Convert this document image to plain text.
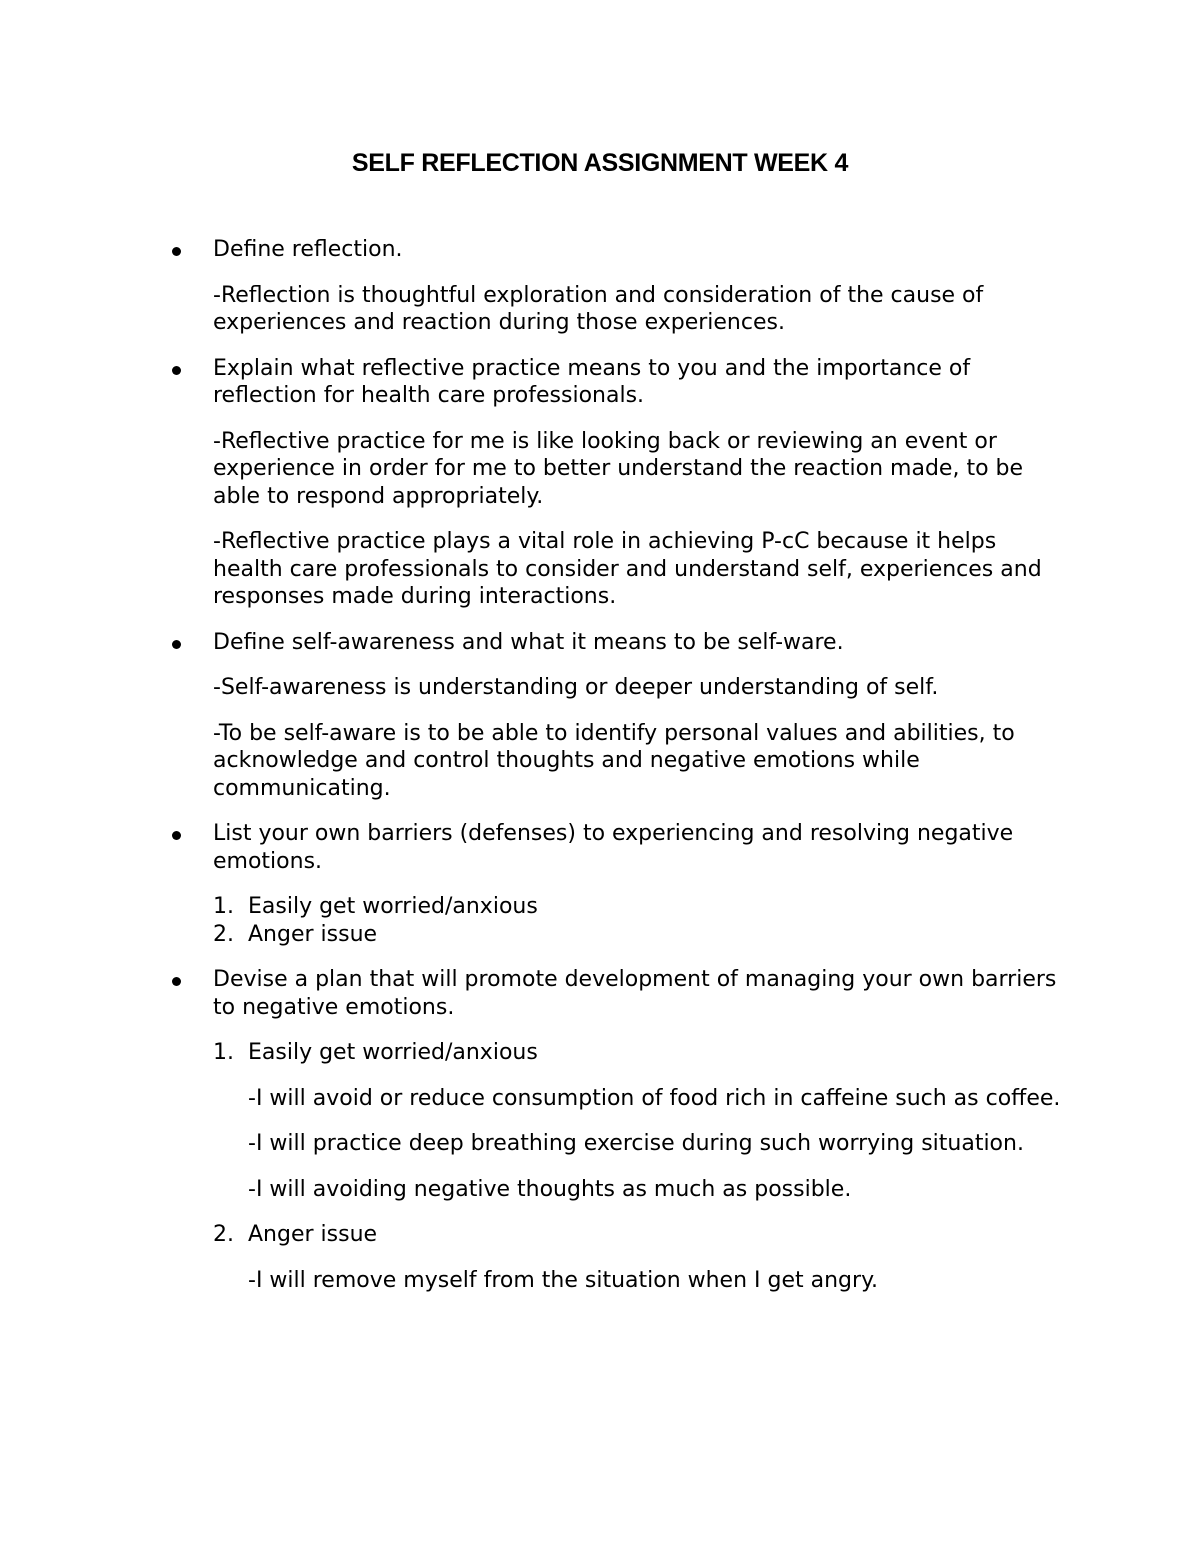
SELF REFLECTION ASSIGNMENT WEEK 4
Define reflection.
-Reflection is thoughtful exploration and consideration of the cause of experiences and reaction during those experiences.
Explain what reflective practice means to you and the importance of reflection for health care professionals.
-Reflective practice for me is like looking back or reviewing an event or experience in order for me to better understand the reaction made, to be able to respond appropriately.
-Reflective practice plays a vital role in achieving P-cC because it helps health care professionals to consider and understand self, experiences and responses made during interactions.
Define self-awareness and what it means to be self-ware.
-Self-awareness is understanding or deeper understanding of self.
-To be self-aware is to be able to identify personal values and abilities, to acknowledge and control thoughts and negative emotions while communicating.
List your own barriers (defenses) to experiencing and resolving negative emotions.
1. Easily get worried/anxious
2. Anger issue
Devise a plan that will promote development of managing your own barriers to negative emotions.
1. Easily get worried/anxious
-I will avoid or reduce consumption of food rich in caffeine such as coffee.
-I will practice deep breathing exercise during such worrying situation.
-I will avoiding negative thoughts as much as possible.
2. Anger issue
-I will remove myself from the situation when I get angry.
